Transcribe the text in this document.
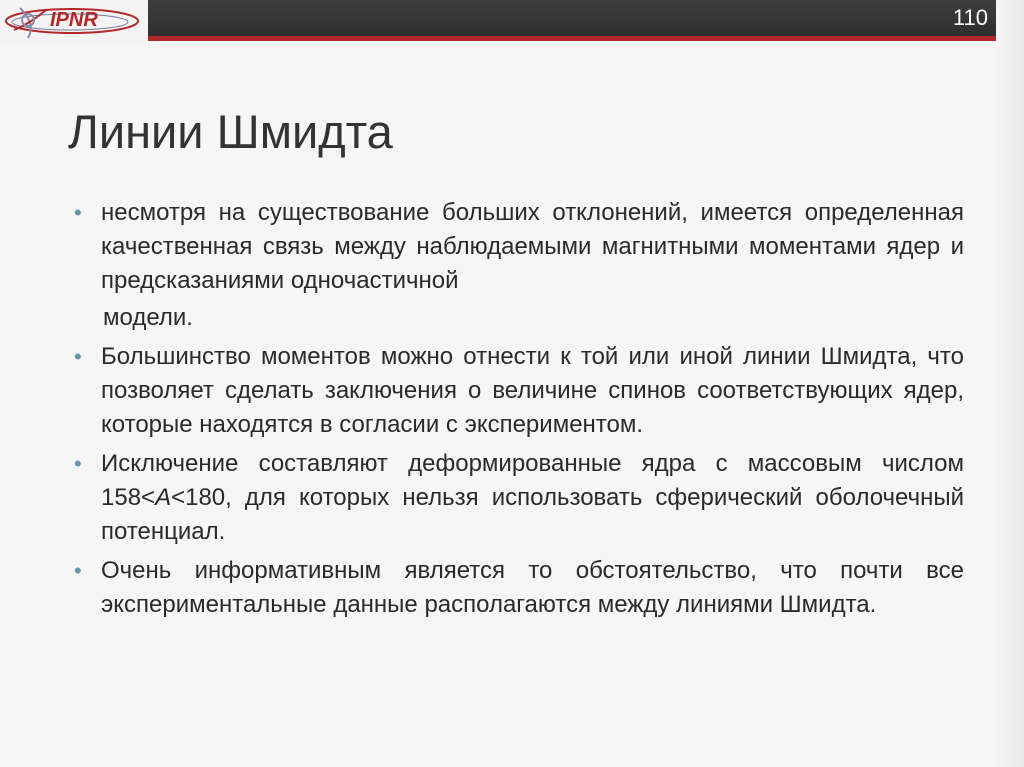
IPNR	110
Линии Шмидта

• несмотря на существование больших отклонений, имеется определенная качественная связь между наблюдаемыми магнитными моментами ядер и предсказаниями одночастичной
модели.

• Большинство моментов можно отнести к той или иной линии Шмидта, что позволяет сделать заключения о величине спинов соответствующих ядер, которые находятся в согласии с экспериментом.

• Исключение составляют деформированные ядра с массовым числом 158<A<180, для которых нельзя использовать сферический оболочечный потенциал.

• Очень информативным является то обстоятельство, что почти все экспериментальные данные располагаются между линиями Шмидта.
